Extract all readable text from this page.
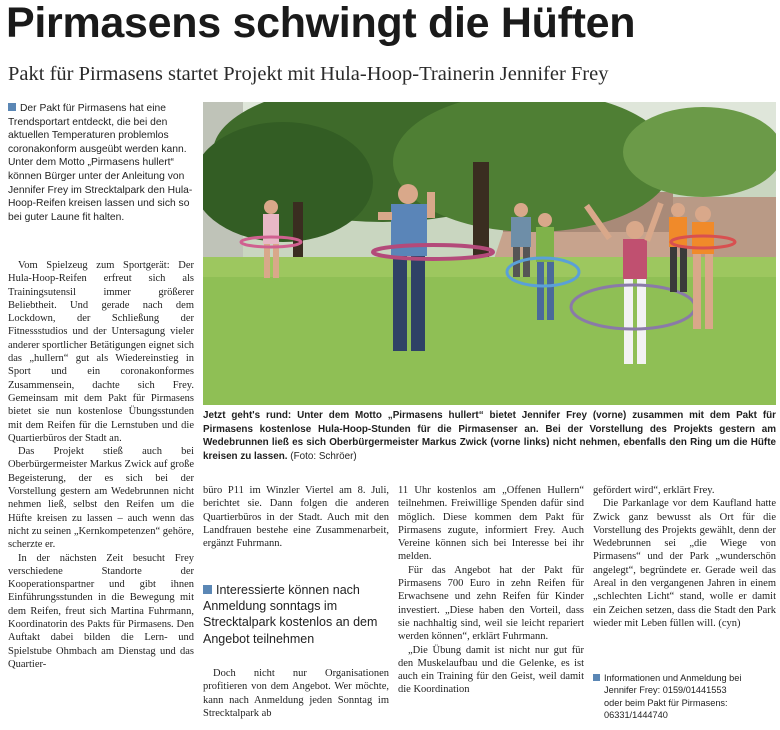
Pirmasens schwingt die Hüften
Pakt für Pirmasens startet Projekt mit Hula-Hoop-Trainerin Jennifer Frey
Der Pakt für Pirmasens hat eine Trendsportart entdeckt, die bei den aktuellen Temperaturen problemlos coronakonform ausgeübt werden kann. Unter dem Motto „Pirmasens hullert“ können Bürger unter der Anleitung von Jennifer Frey im Strecktalpark den Hula-Hoop-Reifen kreisen lassen und sich so bei guter Laune fit halten.

Vom Spielzeug zum Sportgerät: Der Hula-Hoop-Reifen erfreut sich als Trainingsutensil immer größerer Beliebtheit. Und gerade nach dem Lockdown, der Schließung der Fitnessstudios und der Untersagung vieler anderer sportlicher Betätigungen eignet sich das „hullern“ gut als Wiedereinstieg in Sport und ein coronakonformes Zusammensein, dachte sich Frey. Gemeinsam mit dem Pakt für Pirmasens bietet sie nun kostenlose Übungsstunden mit dem Reifen für die Lernstuben und die Quartierbüros der Stadt an.

Das Projekt stieß auch bei Oberbürgermeister Markus Zwick auf große Begeisterung, der es sich bei der Vorstellung gestern am Wedebrunnen nicht nehmen ließ, selbst den Reifen um die Hüfte kreisen zu lassen – auch wenn das nicht zu seinen „Kernkompetenzen“ gehöre, scherzte er.

In der nächsten Zeit besucht Frey verschiedene Standorte der Kooperationspartner und gibt ihnen Einführungsstunden in die Bewegung mit dem Reifen, freut sich Martina Fuhrmann, Koordinatorin des Pakts für Pirmasens. Den Auftakt dabei bilden die Lern- und Spielstube Ohmbach am Dienstag und das Quartier-

Jetzt geht's rund: Unter dem Motto „Pirmasens hullert“ bietet Jennifer Frey (vorne) zusammen mit dem Pakt für Pirmasens kostenlose Hula-Hoop-Stunden für die Pirmasenser an. Bei der Vorstellung des Projekts gestern am Wedebrunnen ließ es sich Oberbürgermeister Markus Zwick (vorne links) nicht nehmen, ebenfalls den Ring um die Hüfte kreisen zu lassen. (Foto: Schröer)

büro P11 im Winzler Viertel am 8. Juli, berichtet sie. Dann folgen die anderen Quartierbüros in der Stadt. Auch mit den Landfrauen bestehe eine Zusammenarbeit, ergänzt Fuhrmann.

Interessierte können nach Anmeldung sonntags im Strecktalpark kostenlos an dem Angebot teilnehmen

Doch nicht nur Organisationen profitieren von dem Angebot. Wer möchte, kann nach Anmeldung jeden Sonntag im Strecktalpark ab

11 Uhr kostenlos am „Offenen Hullern“ teilnehmen. Freiwillige Spenden dafür sind möglich. Diese kommen dem Pakt für Pirmasens zugute, informiert Frey. Auch Vereine können sich bei Interesse bei ihr melden.

Für das Angebot hat der Pakt für Pirmasens 700 Euro in zehn Reifen für Erwachsene und zehn Reifen für Kinder investiert. „Diese haben den Vorteil, dass sie nachhaltig sind, weil sie leicht repariert werden können“, erklärt Fuhrmann.

„Die Übung damit ist nicht nur gut für den Muskelaufbau und die Gelenke, es ist auch ein Training für den Geist, weil damit die Koordination

gefördert wird“, erklärt Frey.

Die Parkanlage vor dem Kaufland hatte Zwick ganz bewusst als Ort für die Vorstellung des Projekts gewählt, denn der Wedebrunnen sei „die Wiege von Pirmasens“ und der Park „wunderschön angelegt“, begründete er. Gerade weil das Areal in den vergangenen Jahren in einem „schlechten Licht“ stand, wolle er damit ein Zeichen setzen, dass die Stadt den Park wieder mit Leben füllen will. (cyn)

Informationen und Anmeldung bei
Jennifer Frey: 0159/01441553
oder beim Pakt für Pirmasens:
06331/1444740
